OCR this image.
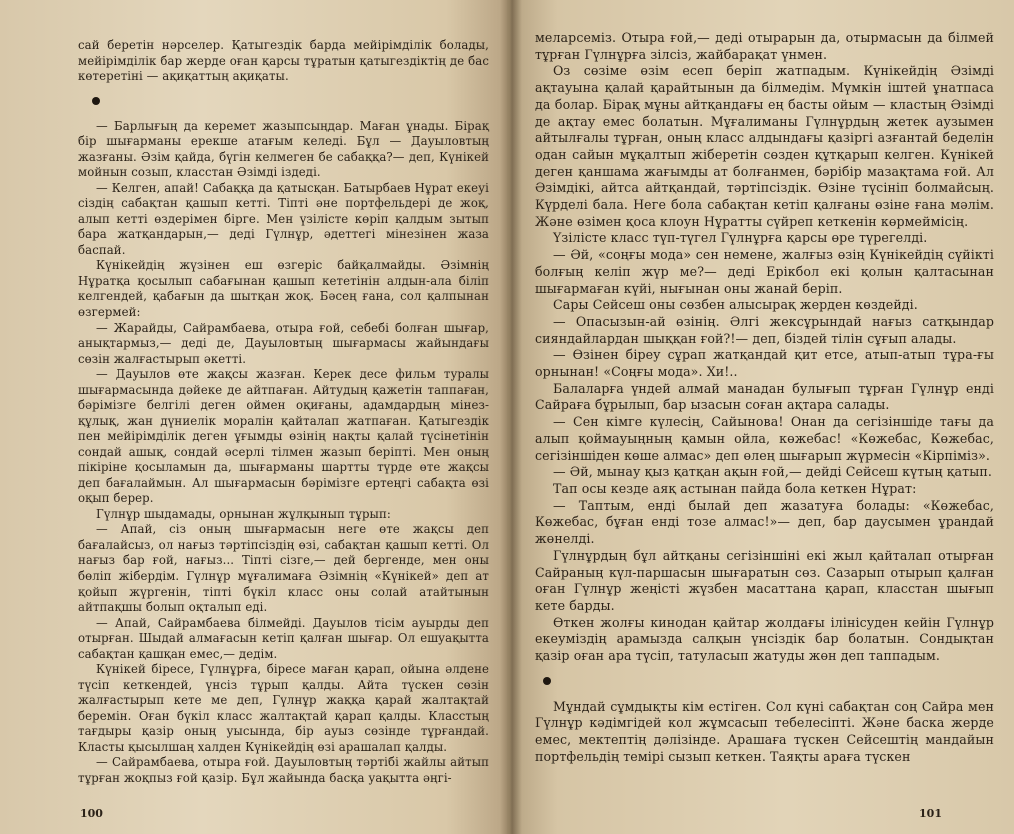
сай беретін нәрселер. Қатыгездік барда мейірімділік болады, мейірімділік бар жерде оған қарсы тұратын қатыгездіктің де бас көтеретіні — ақиқаттың ақиқаты.

— Барлығың да керемет жазыпсыңдар. Маған ұнады. Бірақ бір шығарманы ерекше атағым келеді. Бұл — Дауыловтың жазғаны. Әзім қайда, бүгін келмеген бе сабаққа?— деп, Күнікей мойнын созып, класстан Әзімді іздеді.

— Келген, апай! Сабаққа да қатысқан. Батырбаев Нұрат екеуі сіздің сабақтан қашып кетті. Тіпті әне портфельдері де жоқ, алып кетті өздерімен бірге. Мен үзілісте көріп қалдым зытып бара жатқандарын,— деді Гүлнұр, әдеттегі мінезінен жаза баспай.

Күнікейдің жүзінен еш өзгеріс байқалмайды. Әзімнің Нұратқа қосылып сабағынан қашып кететінін алдын-ала біліп келгендей, қабағын да шытқан жоқ. Бәсең ғана, сол қалпынан өзгермей:

— Жарайды, Сайрамбаева, отыра ғой, себебі болған шығар, анықтармыз,— деді де, Дауыловтың шығармасы жайындағы сөзін жалғастырып әкетті.

— Дауылов өте жақсы жазған. Керек десе фильм туралы шығармасында дәйеке де айтпаған. Айтудың қажетін таппаған, бәрімізге белгілі деген оймен оқиғаны, адамдардың мінез-құлық, жан дүниелік моралін қайталап жатпаған. Қатыгездік пен мейірімділік деген ұғымды өзінің нақты қалай түсінетінін сондай ашық, сондай әсерлі тілмен жазып беріпті. Мен оның пікіріне қосыламын да, шығарманы шартты түрде өте жақсы деп бағалаймын. Ал шығармасын бәрімізге ертеңгі сабақта өзі оқып берер.

Гүлнұр шыдамады, орнынан жұлқынып тұрып:

— Апай, сіз оның шығармасын неге өте жақсы деп бағалайсыз, ол нағыз тәртіпсіздің өзі, сабақтан қашып кетті. Ол нағыз бар ғой, нағыз... Тіпті сізге,— дей бергенде, мен оны бөліп жібердім. Гүлнұр мұғалимаға Әзімнің «Күнікей» деп ат қойып жүргенін, тіпті бүкіл класс оны солай атайтынын айтпақшы болып оқталып еді.

— Апай, Сайрамбаева білмейді. Дауылов тісім ауырды деп отырған. Шыдай алмағасын кетіп қалған шығар. Ол ешуақытта сабақтан қашқан емес,— дедім.

Күнікей біресе, Гүлнұрға, біресе маған қарап, ойына әлдене түсіп кеткендей, үнсіз тұрып қалды. Айта түскен сөзін жалғастырып кете ме деп, Гүлнұр жаққа қарай жалтақтай беремін. Оған бүкіл класс жалтақтай қарап қалды. Класстың тағдыры қазір оның уысында, бір ауыз сөзінде тұрғандай. Класты қысылшаң халден Күнікейдің өзі арашалап қалды.

— Сайрамбаева, отыра ғой. Дауыловтың тәртібі жайлы айтып тұрған жоқпыз ғой қазір. Бұл жайында басқа уақытта әңгі-

100

меларсеміз. Отыра ғой,— деді отырарын да, отырмасын да білмей тұрған Гүлнұрға зілсіз, жайбарақат үнмен.

Оз сөзіме өзім есеп беріп жатпадым. Күнікейдің Әзімді ақтауына қалай қарайтынын да білмедім. Мүмкін іштей ұнатпаса да болар. Бірақ мұны айтқандағы ең басты ойым — кластың Әзімді де ақтау емес болатын. Мұғалиманы Гүлнұрдың жетек аузымен айтылғалы тұрған, оның класс алдындағы қазіргі азғантай беделін одан сайын мұқалтып жіберетін сөзден құтқарып келген. Күнікей деген қаншама жағымды ат болғанмен, бәрібір мазақтама ғой. Ал Әзімдікі, айтса айтқандай, тәртіпсіздік. Өзіне түсініп болмайсың. Күрделі бала. Неге бола сабақтан кетіп қалғаны өзіне ғана мәлім. Және өзімен қоса клоун Нұратты сүйреп кеткенін көрмеймісің.

Үзілісте класс түп-түгел Гүлнұрға қарсы өре түрегелді.

— Әй, «соңғы мода» сен немене, жалғыз өзің Күнікейдің сүйікті болғың келіп жүр ме?— деді Ерікбол екі қолын қалтасынан шығармаған күйі, нығынан оны жанай беріп.

Сары Сейсеш оны сөзбен алысырақ жерден көздейді.

— Опасызын-ай өзінің. Әлгі жексұрындай нағыз сатқындар сияндайлардан шыққан ғой?!— деп, біздей тілін сұғып алады.

— Өзінен біреу сұрап жатқандай қит етсе, атып-атып тұра-ғы орнынан! «Соңғы мода». Хи!..

Балаларға үндей алмай манадан булығып тұрған Гүлнұр енді Сайраға бұрылып, бар ызасын соған ақтара салады.

— Сен кімге күлесің, Сайынова! Онан да сегізіншіде тағы да алып қоймауыңның қамын ойла, көжебас! «Көжебас, Көжебас, сегізіншіден көше алмас» деп өлең шығарып жүрмесін «Кірпіміз».

— Әй, мынау қыз қатқан ақын ғой,— дейді Сейсеш күтың қатып.

Тап осы кезде аяқ астынан пайда бола кеткен Нұрат:

— Таптым, енді былай деп жазатуға болады: «Көжебас, Көжебас, бұған енді тозе алмас!»— деп, бар даусымен ұрандай жөнелді.

Гүлнұрдың бұл айтқаны сегізіншіні екі жыл қайталап отырған Сайраның күл-паршасын шығаратын сөз. Сазарып отырып қалған оған Гүлнұр жеңісті жүзбен масаттана қарап, класстан шығып кете барды.

Өткен жолғы кинодан қайтар жолдағы ілінісуден кейін Гүлнұр екеуміздің арамызда салқын үнсіздік бар болатын. Сондықтан қазір оған ара түсіп, татуласып жатуды жөн деп таппадым.

Мұндай сұмдықты кім естіген. Сол күні сабақтан соң Сайра мен Гүлнұр кәдімгідей кол жұмсасып тебелесіпті. Және баска жерде емес, мектептің дәлізінде. Арашаға түскен Сейсештің мандайын портфельдің темірі сызып кеткен. Таяқты араға түскен

101
